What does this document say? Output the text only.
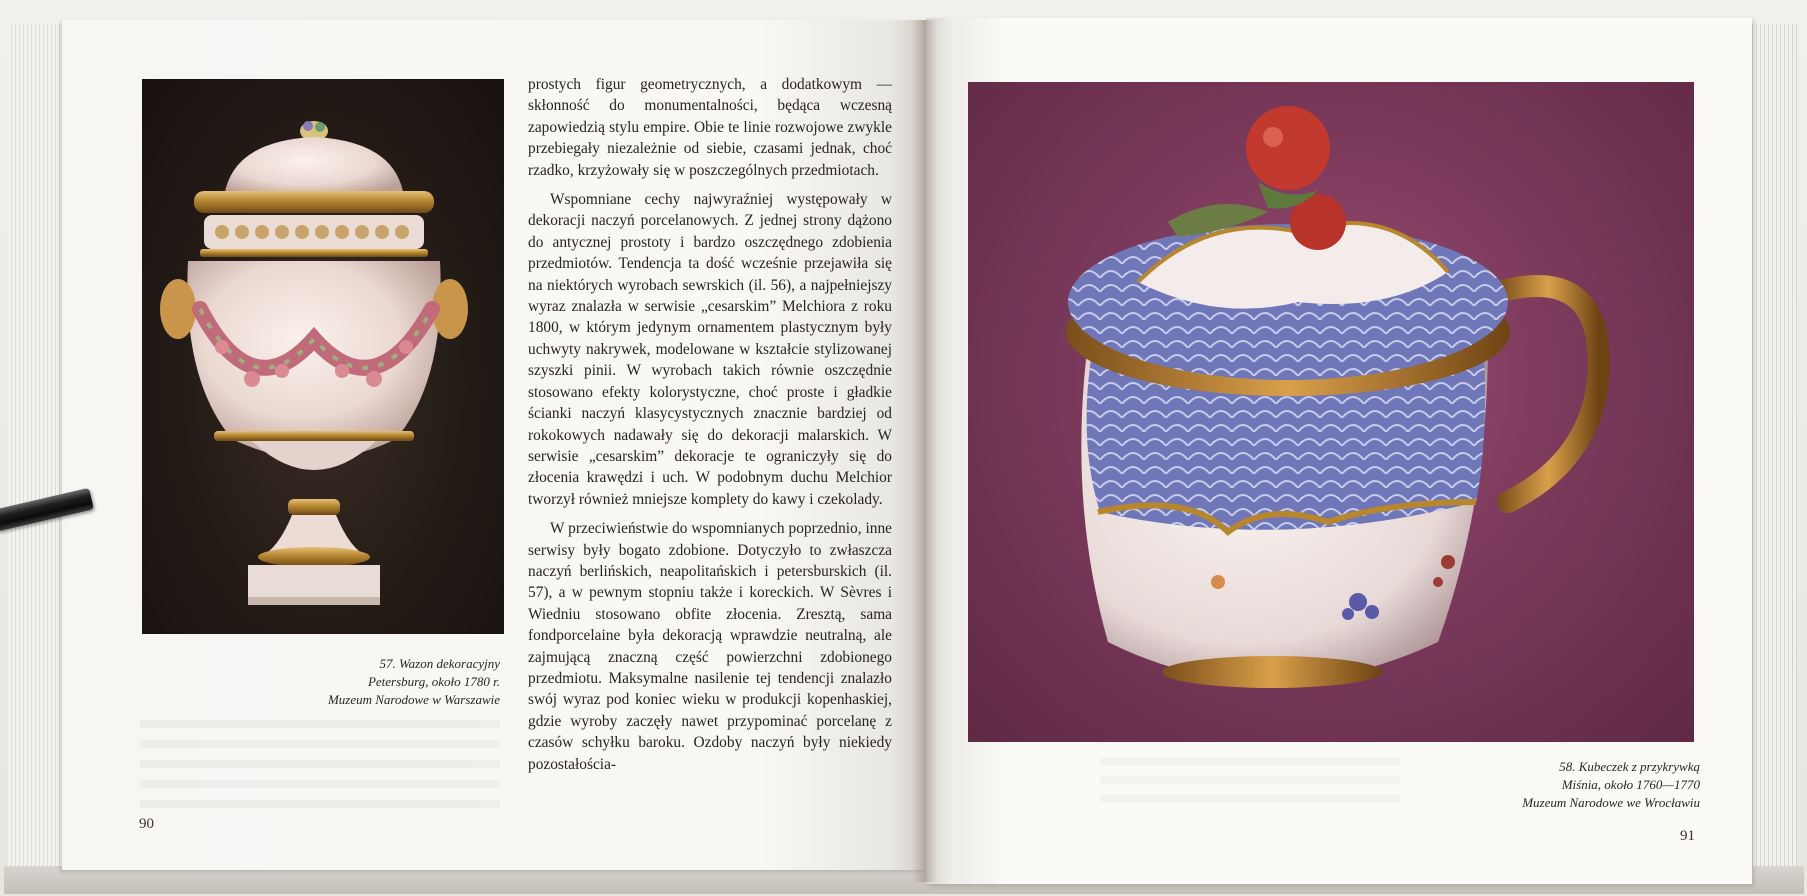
57. Wazon dekoracyjny
Petersburg, około 1780 r.
Muzeum Narodowe w Warszawie

prostych figur geometrycznych, a dodatkowym — skłonność do monumentalności, będąca wczesną zapowiedzią stylu empire. Obie te linie rozwojowe zwykle przebiegały niezależnie od siebie, czasami jednak, choć rzadko, krzyżowały się w poszczególnych przedmiotach.

Wspomniane cechy najwyraźniej występowały w dekoracji naczyń porcelanowych. Z jednej strony dążono do antycznej prostoty i bardzo oszczędnego zdobienia przedmiotów. Tendencja ta dość wcześnie przejawiła się na niektórych wyrobach sewrskich (il. 56), a najpełniejszy wyraz znalazła w serwisie „cesarskim” Melchiora z roku 1800, w którym jedynym ornamentem plastycznym były uchwyty nakrywek, modelowane w kształcie stylizowanej szyszki pinii. W wyrobach takich równie oszczędnie stosowano efekty kolorystyczne, choć proste i gładkie ścianki naczyń klasycystycznych znacznie bardziej od rokokowych nadawały się do dekoracji malarskich. W serwisie „cesarskim” dekoracje te ograniczyły się do złocenia krawędzi i uch. W podobnym duchu Melchior tworzył również mniejsze komplety do kawy i czekolady.

W przeciwieństwie do wspomnianych poprzednio, inne serwisy były bogato zdobione. Dotyczyło to zwłaszcza naczyń berlińskich, neapolitańskich i petersburskich (il. 57), a w pewnym stopniu także i koreckich. W Sèvres i Wiedniu stosowano obfite złocenia. Zresztą, sama fondporcelaine była dekoracją wprawdzie neutralną, ale zajmującą znaczną część powierzchni zdobionego przedmiotu. Maksymalne nasilenie tej tendencji znalazło swój wyraz pod koniec wieku w produkcji kopenhaskiej, gdzie wyroby zaczęły nawet przypominać porcelanę z czasów schyłku baroku. Ozdoby naczyń były niekiedy pozostałościa-

90
58. Kubeczek z przykrywką
Miśnia, około 1760—1770
Muzeum Narodowe we Wrocławiu
91
